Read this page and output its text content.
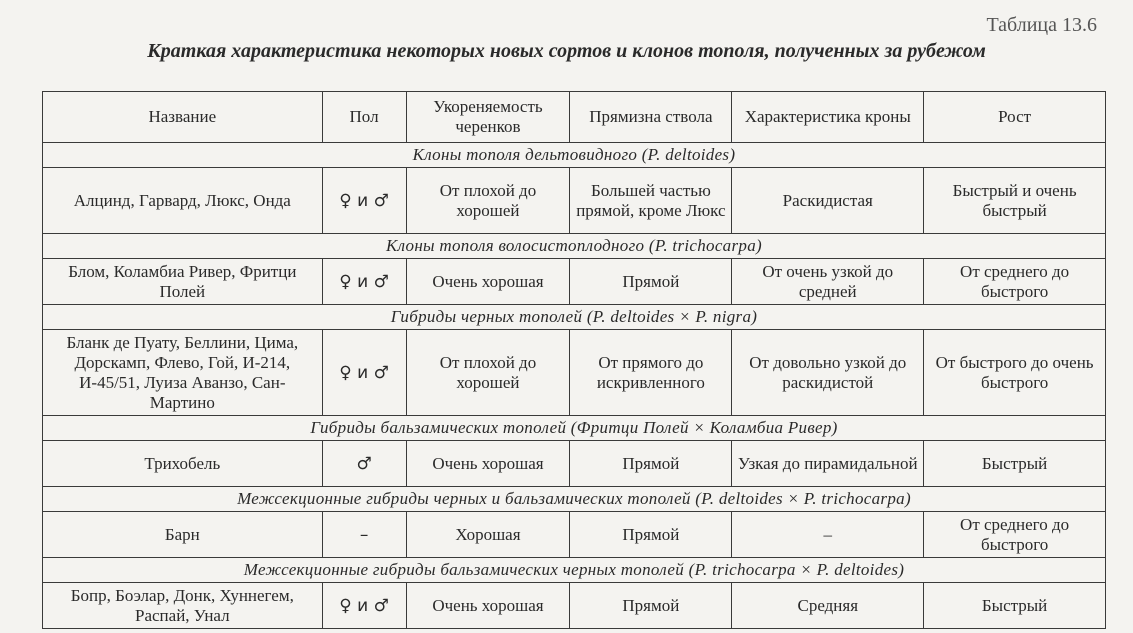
Таблица 13.6
Краткая характеристика некоторых новых сортов и клонов тополя, полученных за рубежом
Название	Пол	Укореняемость черенков	Прямизна ствола	Характеристика кроны	Рост
Клоны тополя дельтовидного (P. deltoides)					
Алцинд, Гарвард, Люкс, Онда	♀ и ♂	От плохой до хорошей	Большей частью прямой, кроме Люкс	Раскидистая	Быстрый и очень быстрый
Клоны тополя волосистоплодного (P. trichocarpa)					
Блом, Коламбиа Ривер, Фритци Полей	♀ и ♂	Очень хорошая	Прямой	От очень узкой до средней	От среднего до быстрого
Гибриды черных тополей (P. deltoides × P. nigra)					
Бланк де Пуату, Беллини, Цима, Дорскамп, Флево, Гой, И-214, И-45/51, Луиза Аванзо, Сан- Мартино	♀ и ♂	От плохой до хорошей	От прямого до искривленного	От довольно узкой до раскидистой	От быстрого до очень быстрого
Гибриды бальзамических тополей (Фритци Полей × Коламбиа Ривер)					
Трихобель	♂	Очень хорошая	Прямой	Узкая до пирамидальной	Быстрый
Межсекционные гибриды черных и бальзамических тополей (P. deltoides × P. trichocarpa)					
Барн	–	Хорошая	Прямой	–	От среднего до быстрого
Межсекционные гибриды бальзамических черных тополей (P. trichocarpa × P. deltoides)					
Бопр, Боэлар, Донк, Хуннегем, Распай, Унал	♀ и ♂	Очень хорошая	Прямой	Средняя	Быстрый
